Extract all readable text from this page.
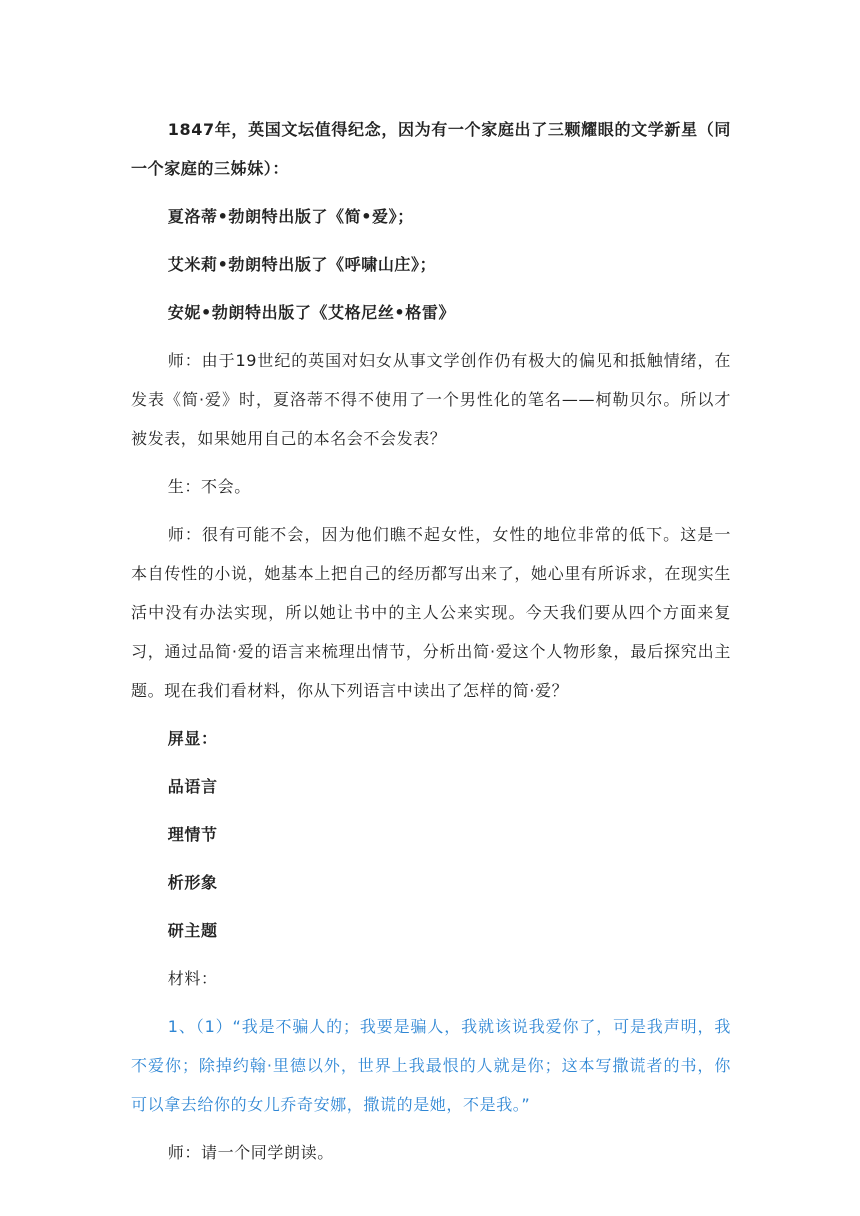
1847年，英国文坛值得纪念，因为有一个家庭出了三颗耀眼的文学新星（同一个家庭的三姊妹）：

夏洛蒂•勃朗特出版了《简•爱》；

艾米莉•勃朗特出版了《呼啸山庄》；

安妮•勃朗特出版了《艾格尼丝•格雷》

师：由于19世纪的英国对妇女从事文学创作仍有极大的偏见和抵触情绪，在发表《简·爱》时，夏洛蒂不得不使用了一个男性化的笔名——柯勒贝尔。所以才被发表，如果她用自己的本名会不会发表？

生：不会。

师：很有可能不会，因为他们瞧不起女性，女性的地位非常的低下。这是一本自传性的小说，她基本上把自己的经历都写出来了，她心里有所诉求，在现实生活中没有办法实现，所以她让书中的主人公来实现。今天我们要从四个方面来复习，通过品简·爱的语言来梳理出情节，分析出简·爱这个人物形象，最后探究出主题。现在我们看材料，你从下列语言中读出了怎样的简·爱？

屏显：

品语言

理情节

析形象

研主题

材料：

1、（1）“我是不骗人的；我要是骗人，我就该说我爱你了，可是我声明，我不爱你；除掉约翰·里德以外，世界上我最恨的人就是你；这本写撒谎者的书，你可以拿去给你的女儿乔奇安娜，撒谎的是她，不是我。”

师：请一个同学朗读。
